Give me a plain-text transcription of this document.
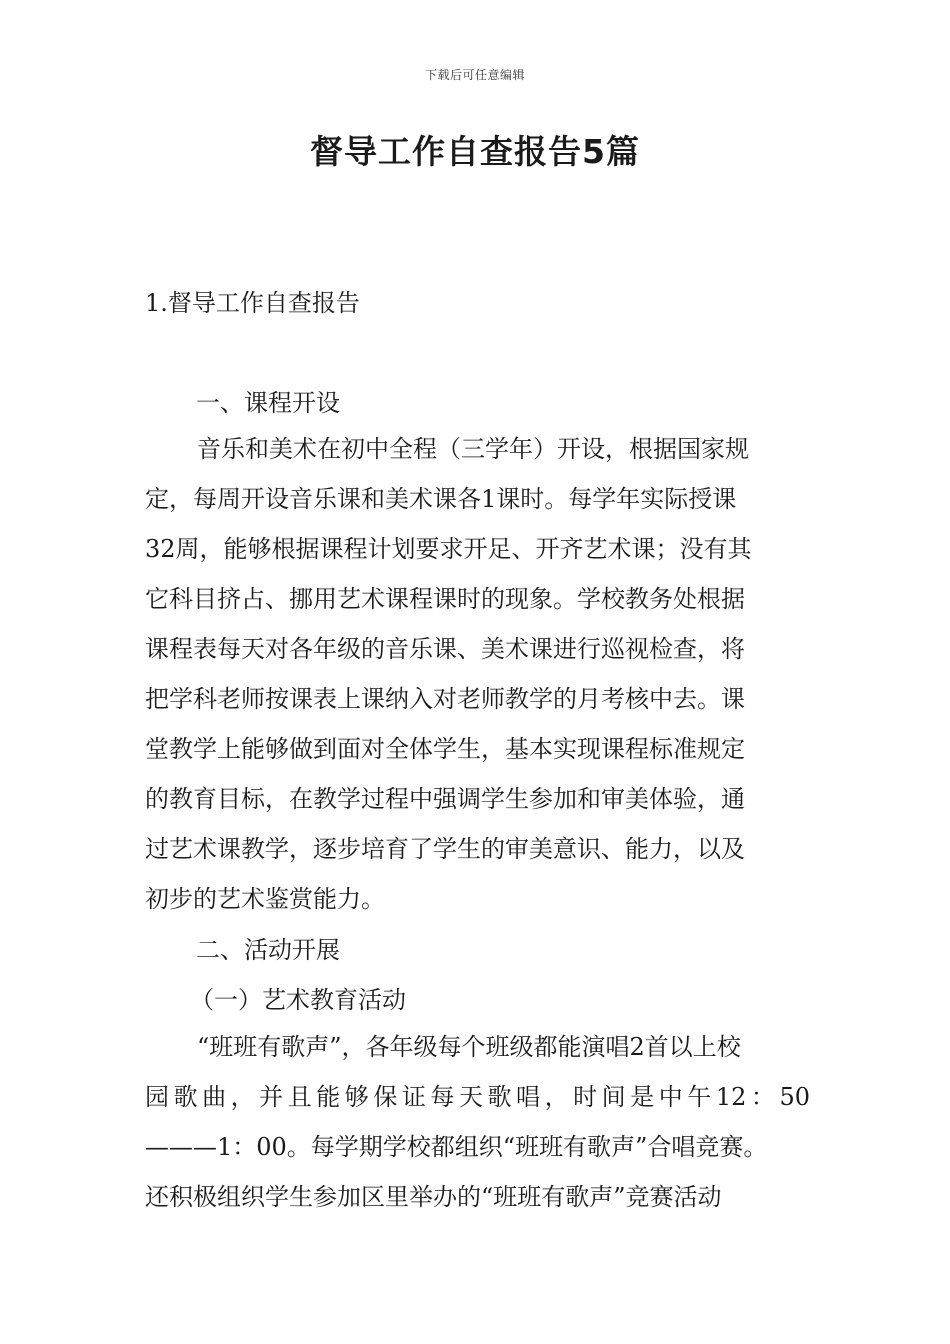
下载后可任意编辑
督导工作自查报告5篇

1.督导工作自查报告

一、课程开设

音乐和美术在初中全程（三学年）开设，根据国家规
定，每周开设音乐课和美术课各1课时。每学年实际授课
32周，能够根据课程计划要求开足、开齐艺术课；没有其
它科目挤占、挪用艺术课程课时的现象。学校教务处根据
课程表每天对各年级的音乐课、美术课进行巡视检查，将
把学科老师按课表上课纳入对老师教学的月考核中去。课
堂教学上能够做到面对全体学生，基本实现课程标准规定
的教育目标，在教学过程中强调学生参加和审美体验，通
过艺术课教学，逐步培育了学生的审美意识、能力，以及
初步的艺术鉴赏能力。

二、活动开展

（一）艺术教育活动

“班班有歌声”，各年级每个班级都能演唱2首以上校
园歌曲，并且能够保证每天歌唱，时间是中午12：50
———1：00。每学期学校都组织“班班有歌声”合唱竞赛。
还积极组织学生参加区里举办的“班班有歌声”竞赛活动
